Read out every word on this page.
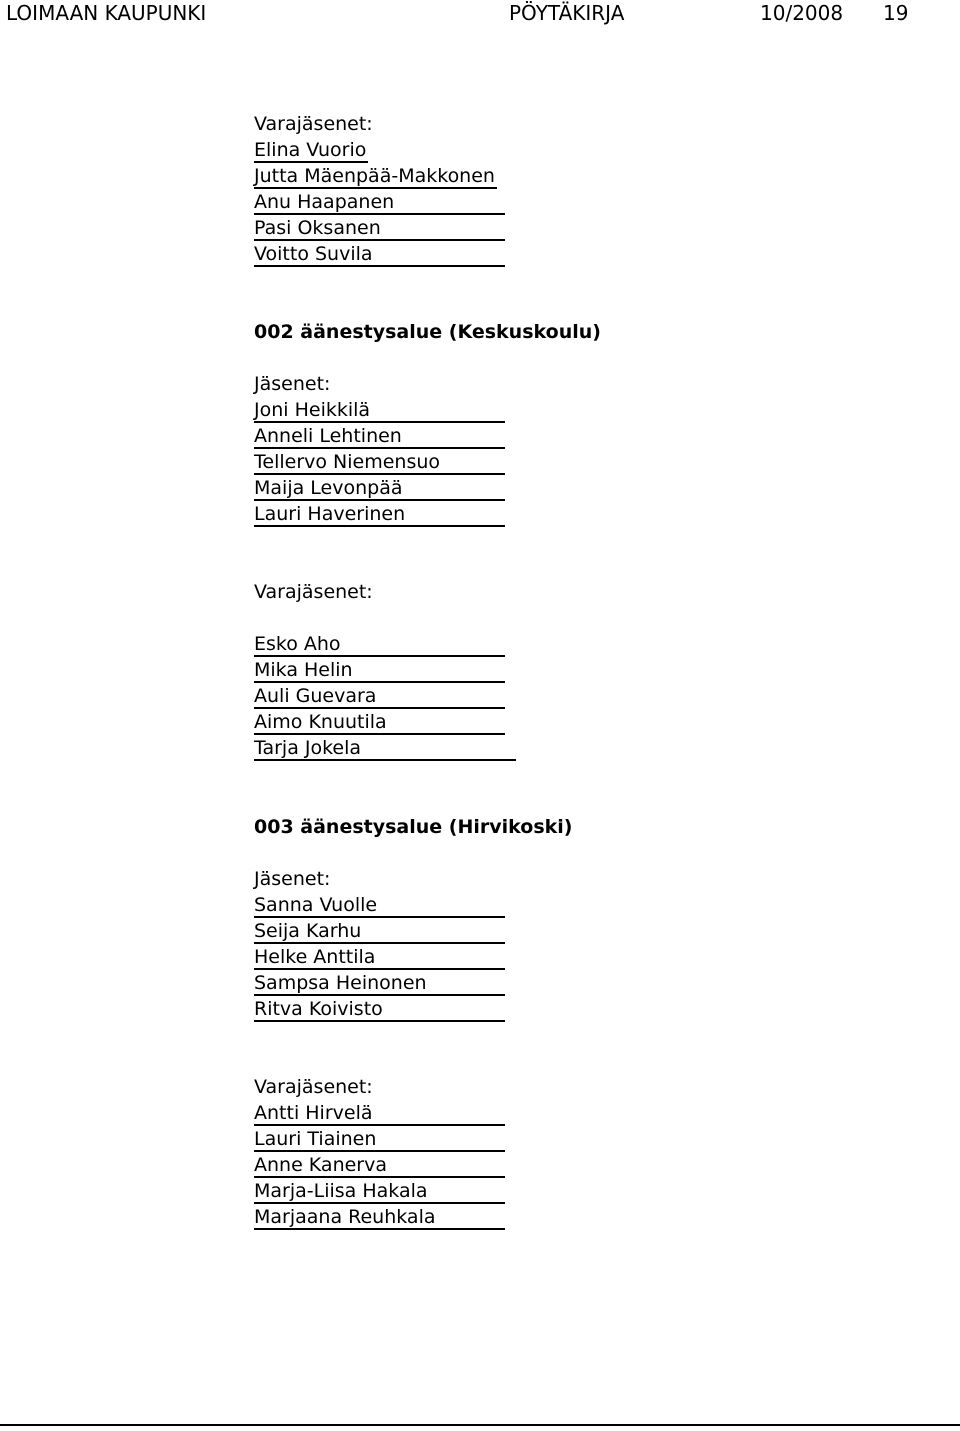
LOIMAAN KAUPUNKI	PÖYTÄKIRJA	10/2008 19
Varajäsenet:
Elina Vuorio
Jutta Mäenpää-Makkonen
Anu Haapanen
Pasi Oksanen
Voitto Suvila
002 äänestysalue (Keskuskoulu)
Jäsenet:
Joni Heikkilä
Anneli Lehtinen
Tellervo Niemensuo
Maija Levonpää
Lauri Haverinen
Varajäsenet:
Esko Aho
Mika Helin
Auli Guevara
Aimo Knuutila
Tarja Jokela
003 äänestysalue (Hirvikoski)
Jäsenet:
Sanna Vuolle
Seija Karhu
Helke Anttila
Sampsa Heinonen
Ritva Koivisto
Varajäsenet:
Antti Hirvelä
Lauri Tiainen
Anne Kanerva
Marja-Liisa Hakala
Marjaana Reuhkala
